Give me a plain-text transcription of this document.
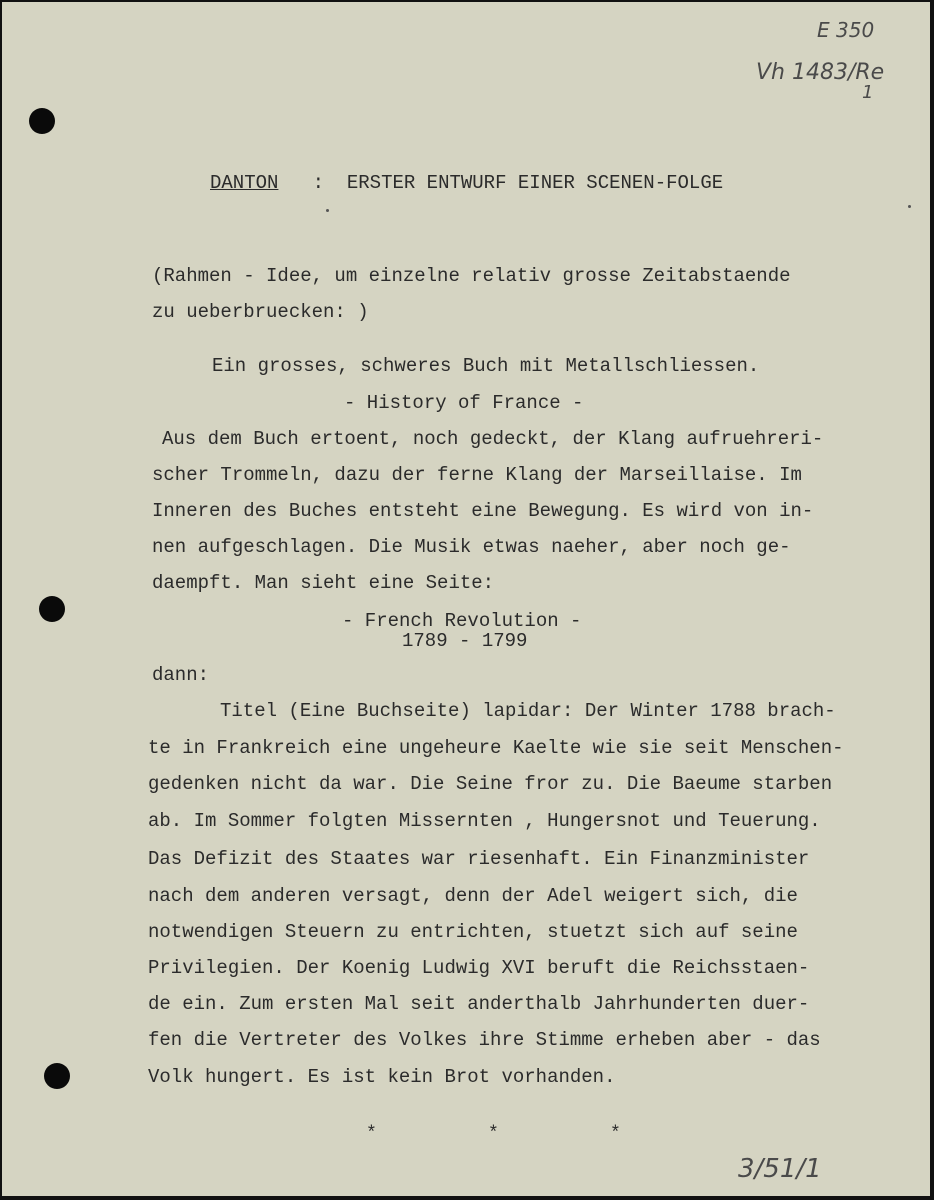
E 350
Vh 1483/Re
1
3/51/1
DANTON : ERSTER ENTWURF EINER SCENEN-FOLGE
(Rahmen - Idee, um einzelne relativ grosse Zeitabstaende
zu ueberbruecken: )
Ein grosses, schweres Buch mit Metallschliessen.
- History of France -
Aus dem Buch ertoent, noch gedeckt, der Klang aufruehreri-
scher Trommeln, dazu der ferne Klang der Marseillaise. Im
Inneren des Buches entsteht eine Bewegung. Es wird von in-
nen aufgeschlagen. Die Musik etwas naeher, aber noch ge-
daempft. Man sieht eine Seite:
- French Revolution -
1789 - 1799
dann:
Titel (Eine Buchseite) lapidar: Der Winter 1788 brach-
te in Frankreich eine ungeheure Kaelte wie sie seit Menschen-
gedenken nicht da war. Die Seine fror zu. Die Baeume starben
ab. Im Sommer folgten Missernten , Hungersnot und Teuerung.
Das Defizit des Staates war riesenhaft. Ein Finanzminister
nach dem anderen versagt, denn der Adel weigert sich, die
notwendigen Steuern zu entrichten, stuetzt sich auf seine
Privilegien. Der Koenig Ludwig XVI beruft die Reichsstaen-
de ein. Zum ersten Mal seit anderthalb Jahrhunderten duer-
fen die Vertreter des Volkes ihre Stimme erheben aber - das
Volk hungert. Es ist kein Brot vorhanden.
*	*	*
